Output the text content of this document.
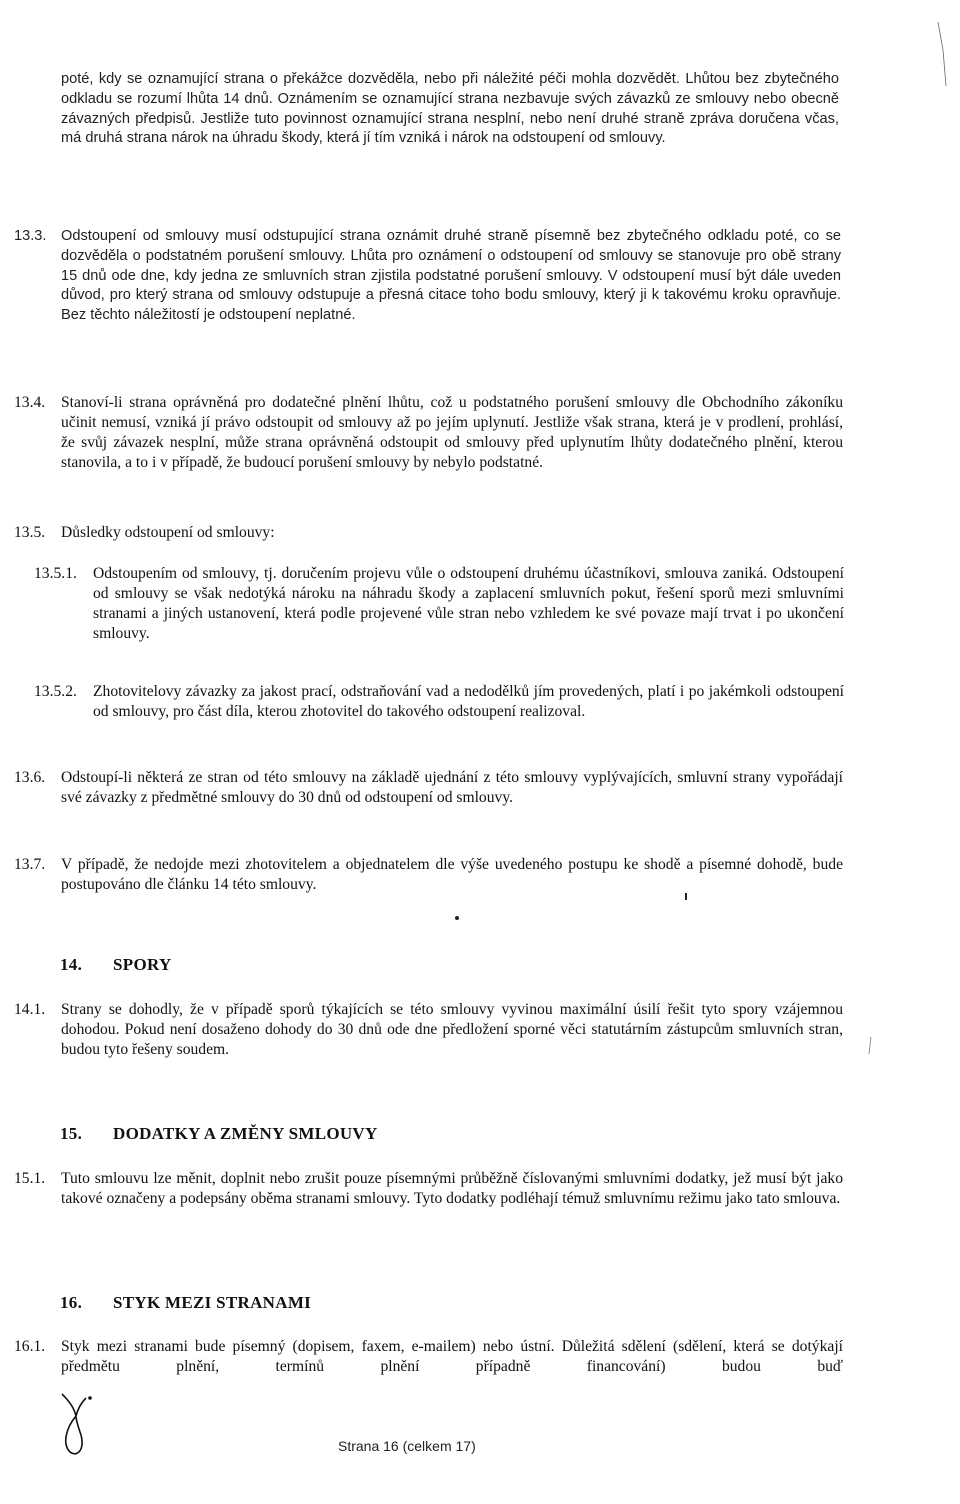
poté, kdy se oznamující strana o překážce dozvěděla, nebo při náležité péči mohla dozvědět. Lhůtou bez zbytečného odkladu se rozumí lhůta 14 dnů. Oznámením se oznamující strana nezbavuje svých závazků ze smlouvy nebo obecně závazných předpisů. Jestliže tuto povinnost oznamující strana nesplní, nebo není druhé straně zpráva doručena včas, má druhá strana nárok na úhradu škody, která jí tím vzniká i nárok na odstoupení od smlouvy.
13.3. Odstoupení od smlouvy musí odstupující strana oznámit druhé straně písemně bez zbytečného odkladu poté, co se dozvěděla o podstatném porušení smlouvy. Lhůta pro oznámení o odstoupení od smlouvy se stanovuje pro obě strany 15 dnů ode dne, kdy jedna ze smluvních stran zjistila podstatné porušení smlouvy. V odstoupení musí být dále uveden důvod, pro který strana od smlouvy odstupuje a přesná citace toho bodu smlouvy, který ji k takovému kroku opravňuje. Bez těchto náležitostí je odstoupení neplatné.
13.4. Stanoví-li strana oprávněná pro dodatečné plnění lhůtu, což u podstatného porušení smlouvy dle Obchodního zákoníku učinit nemusí, vzniká jí právo odstoupit od smlouvy až po jejím uplynutí. Jestliže však strana, která je v prodlení, prohlásí, že svůj závazek nesplní, může strana oprávněná odstoupit od smlouvy před uplynutím lhůty dodatečného plnění, kterou stanovila, a to i v případě, že budoucí porušení smlouvy by nebylo podstatné.
13.5. Důsledky odstoupení od smlouvy:
13.5.1. Odstoupením od smlouvy, tj. doručením projevu vůle o odstoupení druhému účastníkovi, smlouva zaniká. Odstoupení od smlouvy se však nedotýká nároku na náhradu škody a zaplacení smluvních pokut, řešení sporů mezi smluvními stranami a jiných ustanovení, která podle projevené vůle stran nebo vzhledem ke své povaze mají trvat i po ukončení smlouvy.
13.5.2. Zhotovitelovy závazky za jakost prací, odstraňování vad a nedodělků jím provedených, platí i po jakémkoli odstoupení od smlouvy, pro část díla, kterou zhotovitel do takového odstoupení realizoval.
13.6. Odstoupí-li některá ze stran od této smlouvy na základě ujednání z této smlouvy vyplývajících, smluvní strany vypořádají své závazky z předmětné smlouvy do 30 dnů od odstoupení od smlouvy.
13.7. V případě, že nedojde mezi zhotovitelem a objednatelem dle výše uvedeného postupu ke shodě a písemné dohodě, bude postupováno dle článku 14 této smlouvy.
14. SPORY
14.1. Strany se dohodly, že v případě sporů týkajících se této smlouvy vyvinou maximální úsilí řešit tyto spory vzájemnou dohodou. Pokud není dosaženo dohody do 30 dnů ode dne předložení sporné věci statutárním zástupcům smluvních stran, budou tyto řešeny soudem.
15. DODATKY A ZMĚNY SMLOUVY
15.1. Tuto smlouvu lze měnit, doplnit nebo zrušit pouze písemnými průběžně číslovanými smluvními dodatky, jež musí být jako takové označeny a podepsány oběma stranami smlouvy. Tyto dodatky podléhají témuž smluvnímu režimu jako tato smlouva.
16. STYK MEZI STRANAMI
16.1. Styk mezi stranami bude písemný (dopisem, faxem, e-mailem) nebo ústní. Důležitá sdělení (sdělení, která se dotýkají předmětu plnění, termínů plnění případně financování) budou buď
Strana 16 (celkem 17)
